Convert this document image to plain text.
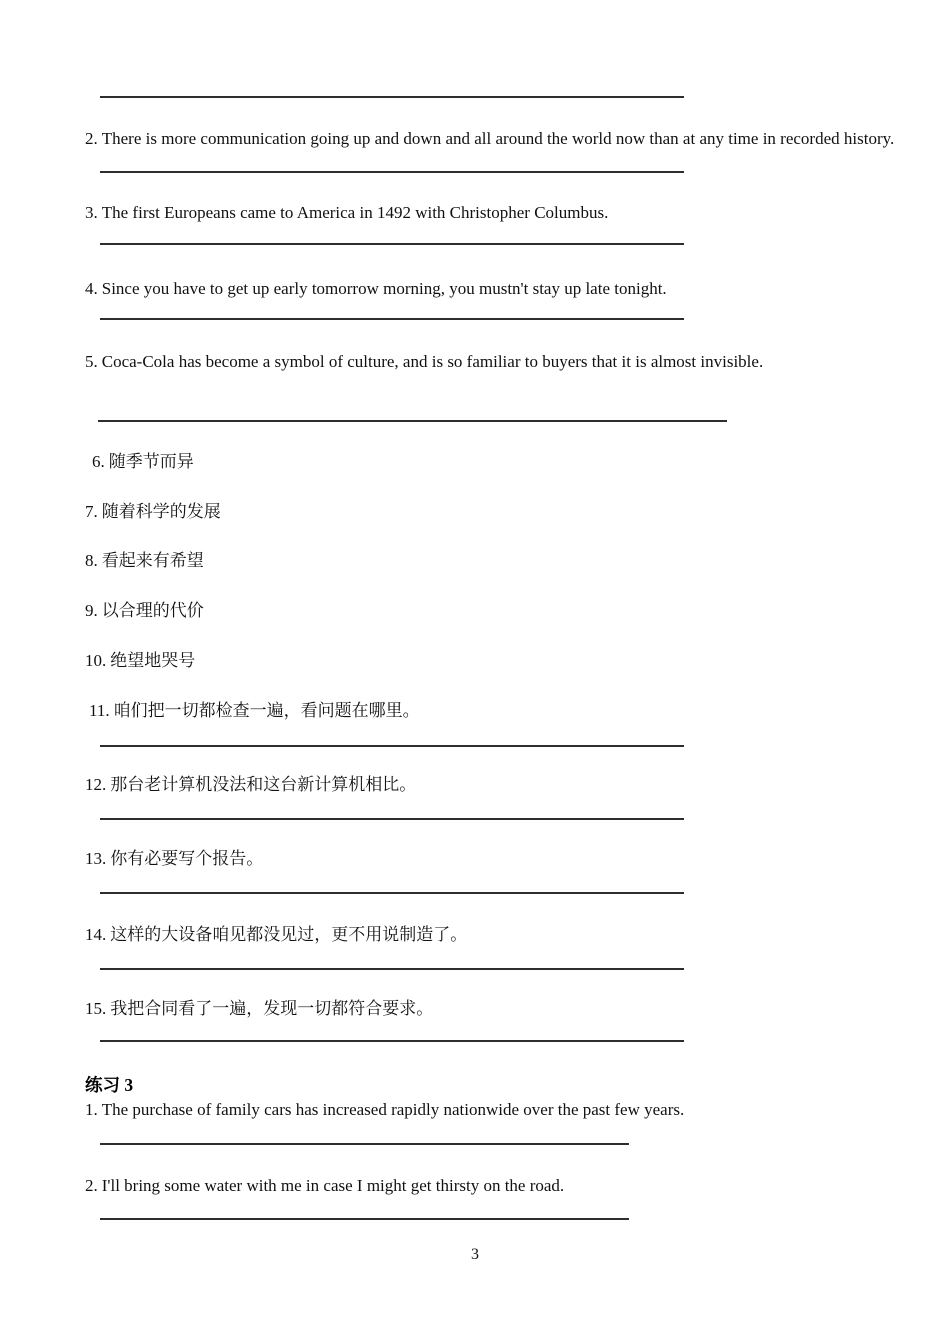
2. There is more communication going up and down and all around the world now than at any time in recorded history.
3. The first Europeans came to America in 1492 with Christopher Columbus.
4. Since you have to get up early tomorrow morning, you mustn't stay up late tonight.
5. Coca-Cola has become a symbol of culture, and is so familiar to buyers that it is almost invisible.
6. 随季节而异
7. 随着科学的发展
8. 看起来有希望
9. 以合理的代价
10. 绝望地哭号
11. 咱们把一切都检查一遍，看问题在哪里。
12. 那台老计算机没法和这台新计算机相比。
13. 你有必要写个报告。
14. 这样的大设备咱见都没见过，更不用说制造了。
15. 我把合同看了一遍，发现一切都符合要求。
练习 3
1. The purchase of family cars has increased rapidly nationwide over the past few years.
2. I'll bring some water with me in case I might get thirsty on the road.
3
